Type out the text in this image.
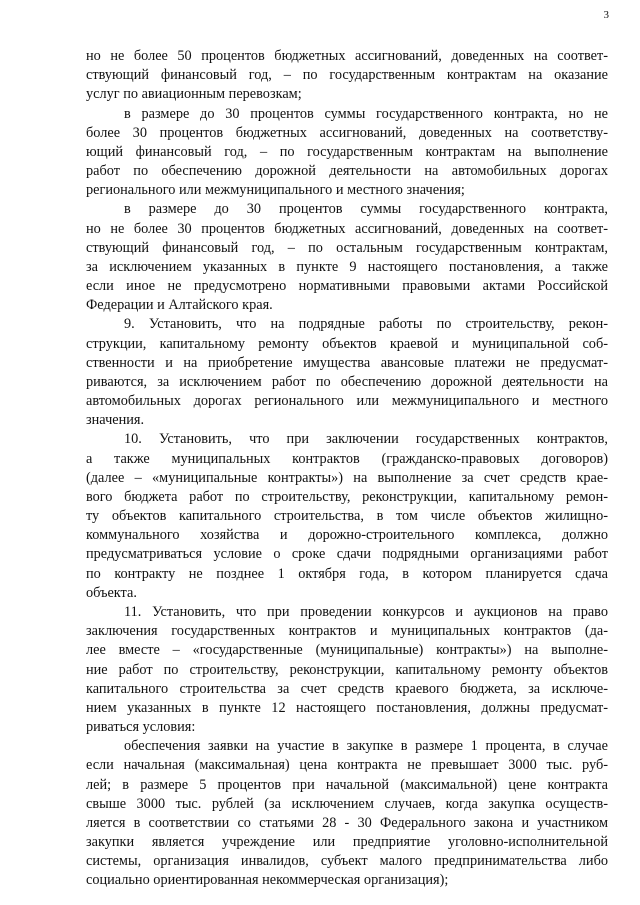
3
но не более 50 процентов бюджетных ассигнований, доведенных на соответ-
ствующий финансовый год, – по государственным контрактам на оказание
услуг по авиационным перевозкам;
в размере до 30 процентов суммы государственного контракта, но не
более 30 процентов бюджетных ассигнований, доведенных на соответству-
ющий финансовый год, – по государственным контрактам на выполнение
работ по обеспечению дорожной деятельности на автомобильных дорогах
регионального или межмуниципального и местного значения;
в размере до 30 процентов суммы государственного контракта,
но не более 30 процентов бюджетных ассигнований, доведенных на соответ-
ствующий финансовый год, – по остальным государственным контрактам,
за исключением указанных в пункте 9 настоящего постановления, а также
если иное не предусмотрено нормативными правовыми актами Российской
Федерации и Алтайского края.
9. Установить, что на подрядные работы по строительству, рекон-
струкции, капитальному ремонту объектов краевой и муниципальной соб-
ственности и на приобретение имущества авансовые платежи не предусмат-
риваются, за исключением работ по обеспечению дорожной деятельности на
автомобильных дорогах регионального или межмуниципального и местного
значения.
10. Установить, что при заключении государственных контрактов,
а также муниципальных контрактов (гражданско-правовых договоров)
(далее – «муниципальные контракты») на выполнение за счет средств крае-
вого бюджета работ по строительству, реконструкции, капитальному ремон-
ту объектов капитального строительства, в том числе объектов жилищно-
коммунального хозяйства и дорожно-строительного комплекса, должно
предусматриваться условие о сроке сдачи подрядными организациями работ
по контракту не позднее 1 октября года, в котором планируется сдача
объекта.
11. Установить, что при проведении конкурсов и аукционов на право
заключения государственных контрактов и муниципальных контрактов (да-
лее вместе – «государственные (муниципальные) контракты») на выполне-
ние работ по строительству, реконструкции, капитальному ремонту объектов
капитального строительства за счет средств краевого бюджета, за исключе-
нием указанных в пункте 12 настоящего постановления, должны предусмат-
риваться условия:
обеспечения заявки на участие в закупке в размере 1 процента, в случае
если начальная (максимальная) цена контракта не превышает 3000 тыс. руб-
лей; в размере 5 процентов при начальной (максимальной) цене контракта
свыше 3000 тыс. рублей (за исключением случаев, когда закупка осуществ-
ляется в соответствии со статьями 28 - 30 Федерального закона и участником
закупки является учреждение или предприятие уголовно-исполнительной
системы, организация инвалидов, субъект малого предпринимательства либо
социально ориентированная некоммерческая организация);
